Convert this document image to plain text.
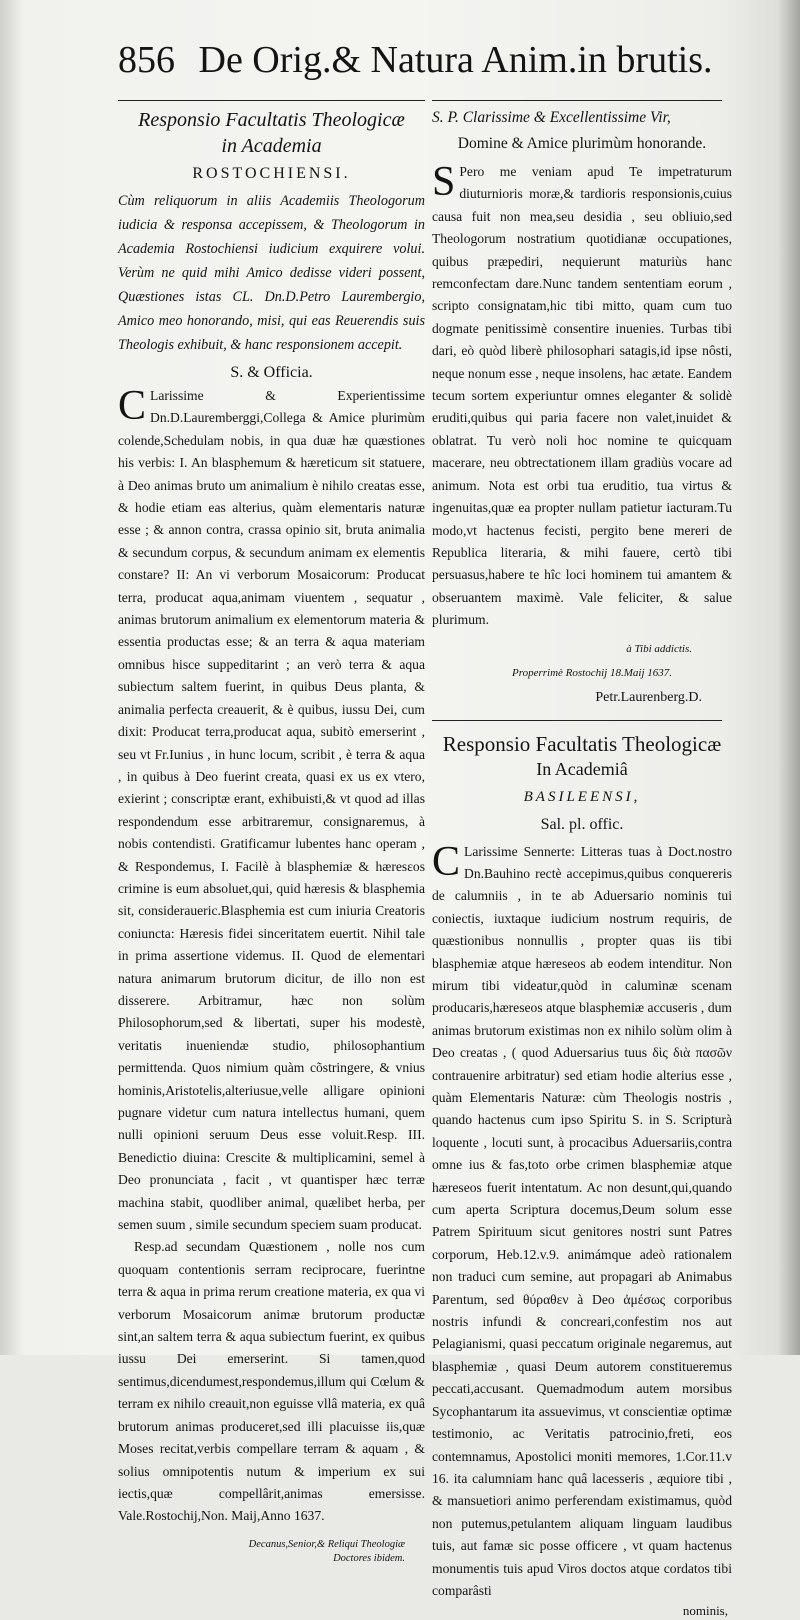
856 De Orig.& Natura Anim.in brutis.
Responsio Facultatis Theologicæ
in Academia
ROSTOCHIENSI.
Cùm reliquorum in aliis Academiis Theologorum iudicia & responsa accepissem, & Theologorum in Academia Rostochiensi iudicium exquirere volui. Verùm ne quid mihi Amico dedisse videri possent, Quæstiones istas CL. Dn.D.Petro Laurembergio, Amico meo honorando, misi, qui eas Reuerendis suis Theologis exhibuit, & hanc responsionem accepit.
S. & Officia.
C Larissime & Experientissime Dn.D.Lauremberggi,Collega & Amice plurimùm colende,Schedulam nobis, in qua duæ hæ quæstiones his verbis: I. An blasphemum & hæreticum sit statuere, à Deo animas bruto um animalium è nihilo creatas esse, & hodie etiam eas alterius, quàm elementaris naturæ esse ; & annon contra, crassa opinio sit, bruta animalia & secundum corpus, & secundum animam ex elementis constare? II: An vi verborum Mosaicorum: Producat terra, producat aqua,animam viuentem , sequatur , animas brutorum animalium ex elementorum materia & essentia productas esse; & an terra & aqua materiam omnibus hisce suppeditarint ; an verò terra & aqua subiectum saltem fuerint, in quibus Deus planta, & animalia perfecta creauerit, & è quibus, iussu Dei, cum dixit: Producat terra,producat aqua, subitò emerserint , seu vt Fr.Iunius , in hunc locum, scribit , è terra & aqua , in quibus à Deo fuerint creata, quasi ex us ex vtero, exierint ; conscriptæ erant, exhibuisti,& vt quod ad illas respondendum esse arbitraremur, consignaremus, à nobis contendisti. Gratificamur lubentes hanc operam , & Respondemus, I. Facilè à blasphemiæ & hæresεos crimine is eum absoluet,qui, quid hæresis & blasphemia sit, consideraueric.Blasphemia est cum iniuria Creatoris coniuncta: Hæresis fidei sinceritatem euertit. Nihil tale in prima assertione videmus. II. Quod de elementari natura animarum brutorum dicitur, de illo non est disserere. Arbitramur, hæc non solùm Philosophorum,sed & libertati, super his modestè, veritatis inueniendæ studio, philosophantium permittenda. Quos nimium quàm cõstringere, & vnius hominis,Aristotelis,alteriusue,velle alligare opinioni pugnare videtur cum natura intellectus humani, quem nulli opinioni seruum Deus esse voluit.Resp. III. Benedictio diuina: Crescite & multiplicamini, semel à Deo pronunciata , facit , vt quantisper hæc terræ machina stabit, quodliber animal, quælibet herba, per semen suum , simile secundum speciem suam producat.

Resp.ad secundam Quæstionem , nolle nos cum quoquam contentionis serram reciprocare, fuerintne terra & aqua in prima rerum creatione materia, ex qua vi verborum Mosaicorum animæ brutorum productæ sint,an saltem terra & aqua subiectum fuerint, ex quibus iussu Dei emerserint. Si tamen,quod sentimus,dicendumest,respondemus,illum qui Cœlum & terram ex nihilo creauit,non eguisse vllâ materia, ex quâ brutorum animas produceret,sed illi placuisse iis,quæ Moses recitat,verbis compellare terram & aquam , & solius omnipotentis nutum & imperium ex sui iectis,quæ compellârit,animas emersisse. Vale.Rostochij,Non. Maij,Anno 1637.

Decanus,Senior,& Reliqui Theologiæ
Doctores ibidem.
S. P. Clarissime & Excellentissime Vir,
Domine & Amice plurimùm honorande.
S Pero me veniam apud Te impetraturum diuturnioris moræ,& tardioris responsionis,cuius causa fuit non mea,seu desidia , seu obliuio,sed Theologorum nostratium quotidianæ occupationes, quibus præpediri, nequierunt maturiùs hanc remconfectam dare.Nunc tandem sententiam eorum , scripto consignatam,hic tibi mitto, quam cum tuo dogmate penitissimè consentire inuenies. Turbas tibi dari, eò quòd liberè philosophari satagis,id ipse nôsti, neque nonum esse , neque insolens, hac ætate. Eandem tecum sortem experiuntur omnes eleganter & solidè eruditi,quibus qui paria facere non valet,inuidet & oblatrat. Tu verò noli hoc nomine te quicquam macerare, neu obtrectationem illam gradiùs vocare ad animum. Nota est orbi tua eruditio, tua virtus & ingenuitas,quæ ea propter nullam patietur iacturam.Tu modo,vt hactenus fecisti, pergito bene mereri de Republica literaria, & mihi fauere, certò tibi persuasus,habere te hîc loci hominem tui amantem & obseruantem maximè. Vale feliciter, & salue plurimum.

à Tibi addictis.
Properrimè Rostochij 18.Maij 1637.
Petr.Laurenberg.D.
Responsio Facultatis Theologicæ
In Academiâ
BASILEENSI,
Sal. pl. offic.
C Larissime Sennerte: Litteras tuas à Doct.nostro Dn.Bauhino rectè accepimus,quibus conquereris de calumniis , in te ab Aduersario nominis tui coniectis, iuxtaque iudicium nostrum requiris, de quæstionibus nonnullis , propter quas iis tibi blasphemiæ atque hæreseos ab eodem intenditur. Non mirum tibi videatur,quòd in caluminæ scenam producaris,hæreseos atque blasphemiæ accuseris , dum animas brutorum existimas non ex nihilo solùm olim à Deo creatas , ( quod Aduersarius tuus δὶς διὰ πασῶν contrauenire arbitratur) sed etiam hodie alterius esse , quàm Elementaris Naturæ: cùm Theologis nostris , quando hactenus cum ipso Spiritu S. in S. Scripturà loquente , locuti sunt, à procacibus Aduersariis,contra omne ius & fas,toto orbe crimen blasphemiæ atque hæreseos fuerit intentatum. Ac non desunt,qui,quando cum aperta Scriptura docemus,Deum solum esse Patrem Spirituum sicut genitores nostri sunt Patres corporum, Heb.12.v.9. animámque adeò rationalem non traduci cum semine, aut propagari ab Animabus Parentum, sed θύραθεν à Deo ἀμέσως corporibus nostris infundi & concreari,confestim nos aut Pelagianismi, quasi peccatum originale negaremus, aut blasphemiæ , quasi Deum autorem constitueremus peccati,accusant. Quemadmodum autem morsibus Sycophantarum ita assuevimus, vt conscientiæ optimæ testimonio, ac Veritatis patrocinio,freti, eos contemnamus, Apostolici moniti memores, 1.Cor.11.v 16. ita calumniam hanc quâ lacesseris , æquiore tibi , & mansuetiori animo perferendam existimamus, quòd non putemus,petulantem aliquam linguam laudibus tuis, aut famæ sic posse officere , vt quam hactenus monumentis tuis apud Viros doctos atque cordatos tibi comparâsti

nominis,
